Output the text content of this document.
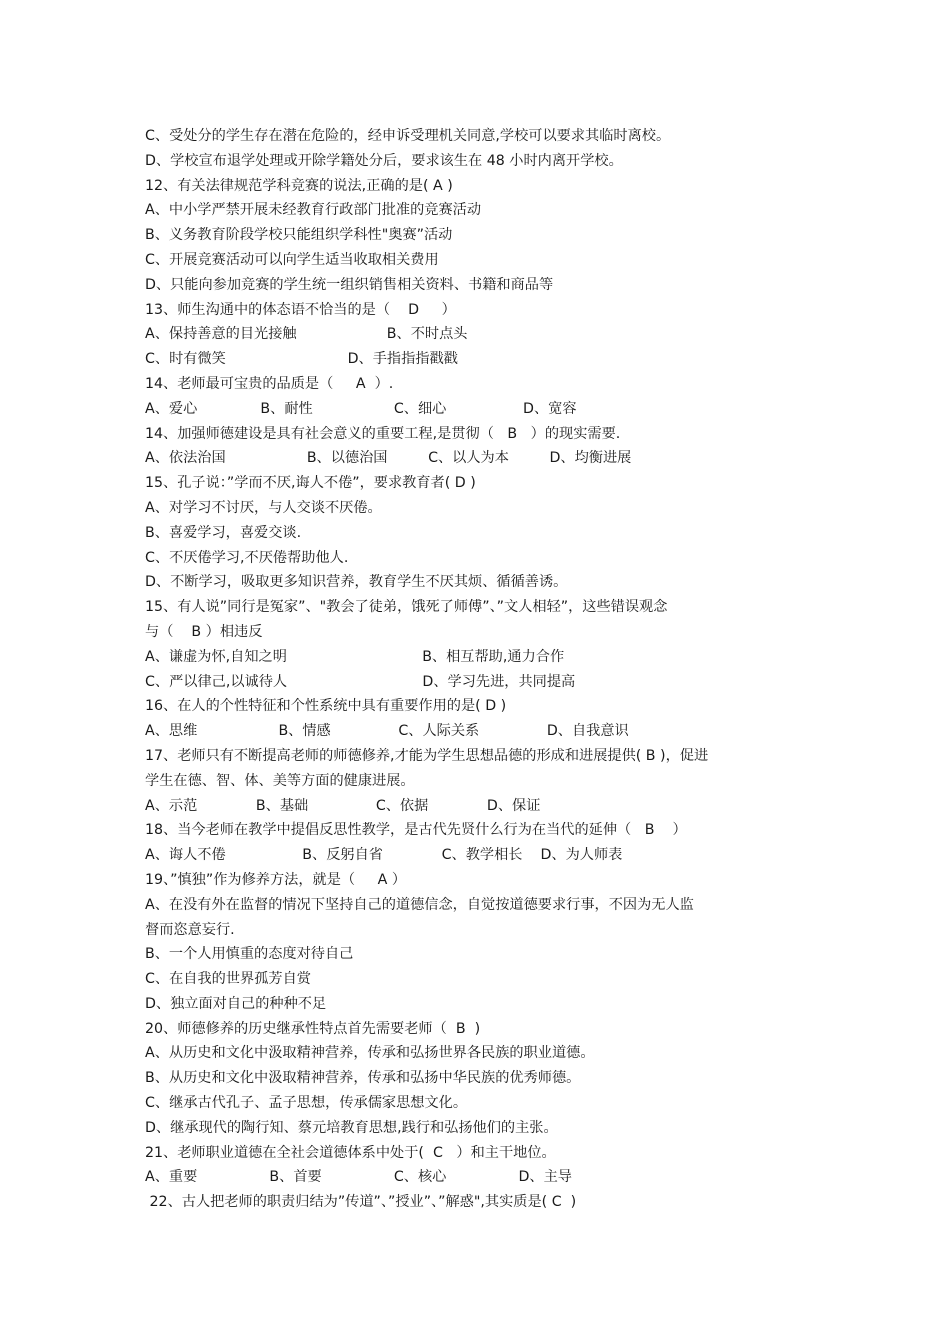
C、受处分的学生存在潜在危险的，经申诉受理机关同意,学校可以要求其临时离校。
D、学校宣布退学处理或开除学籍处分后，要求该生在 48 小时内离开学校。
12、有关法律规范学科竞赛的说法,正确的是( A )
A、中小学严禁开展未经教育行政部门批准的竞赛活动
B、义务教育阶段学校只能组织学科性"奥赛”活动
C、开展竞赛活动可以向学生适当收取相关费用
D、只能向参加竞赛的学生统一组织销售相关资料、书籍和商品等
13、师生沟通中的体态语不恰当的是（    D     ）
A、保持善意的目光接触                    B、不时点头
C、时有微笑                           D、手指指指戳戳
14、老师最可宝贵的品质是（     A  ）.
A、爱心              B、耐性                  C、细心                 D、宽容
14、加强师德建设是具有社会意义的重要工程,是贯彻（   B   ）的现实需要.
A、依法治国                  B、以德治国         C、以人为本         D、均衡进展
15、孔子说：”学而不厌,诲人不倦”，要求教育者( D )
A、对学习不讨厌，与人交谈不厌倦。
B、喜爱学习，喜爱交谈.
C、不厌倦学习,不厌倦帮助他人.
D、不断学习，吸取更多知识营养，教育学生不厌其烦、循循善诱。
15、有人说”同行是冤家”、"教会了徒弟，饿死了师傅”、”文人相轻”，这些错误观念
与（    B ）相违反
A、谦虚为怀,自知之明                              B、相互帮助,通力合作
C、严以律己,以诚待人                              D、学习先进，共同提高
16、在人的个性特征和个性系统中具有重要作用的是( D )
A、思维                  B、情感               C、人际关系               D、自我意识
17、老师只有不断提高老师的师德修养,才能为学生思想品德的形成和进展提供( B )，促进
学生在德、智、体、美等方面的健康进展。
A、示范             B、基础               C、依据             D、保证
18、当今老师在教学中提倡反思性教学，是古代先贤什么行为在当代的延伸（   B    ）
A、诲人不倦                 B、反躬自省             C、教学相长    D、为人师表
19、”慎独”作为修养方法，就是（     A ）
A、在没有外在监督的情况下坚持自己的道德信念，自觉按道德要求行事，不因为无人监
督而恣意妄行.
B、一个人用慎重的态度对待自己
C、在自我的世界孤芳自赏
D、独立面对自己的种种不足
20、师德修养的历史继承性特点首先需要老师（  B  )
A、从历史和文化中汲取精神营养，传承和弘扬世界各民族的职业道德。
B、从历史和文化中汲取精神营养，传承和弘扬中华民族的优秀师德。
C、继承古代孔子、孟子思想，传承儒家思想文化。
D、继承现代的陶行知、蔡元培教育思想,践行和弘扬他们的主张。
21、老师职业道德在全社会道德体系中处于(  C   ）和主干地位。
A、重要                B、首要                C、核心                D、主导
22、古人把老师的职责归结为”传道”、”授业”、”解惑",其实质是( C  )
